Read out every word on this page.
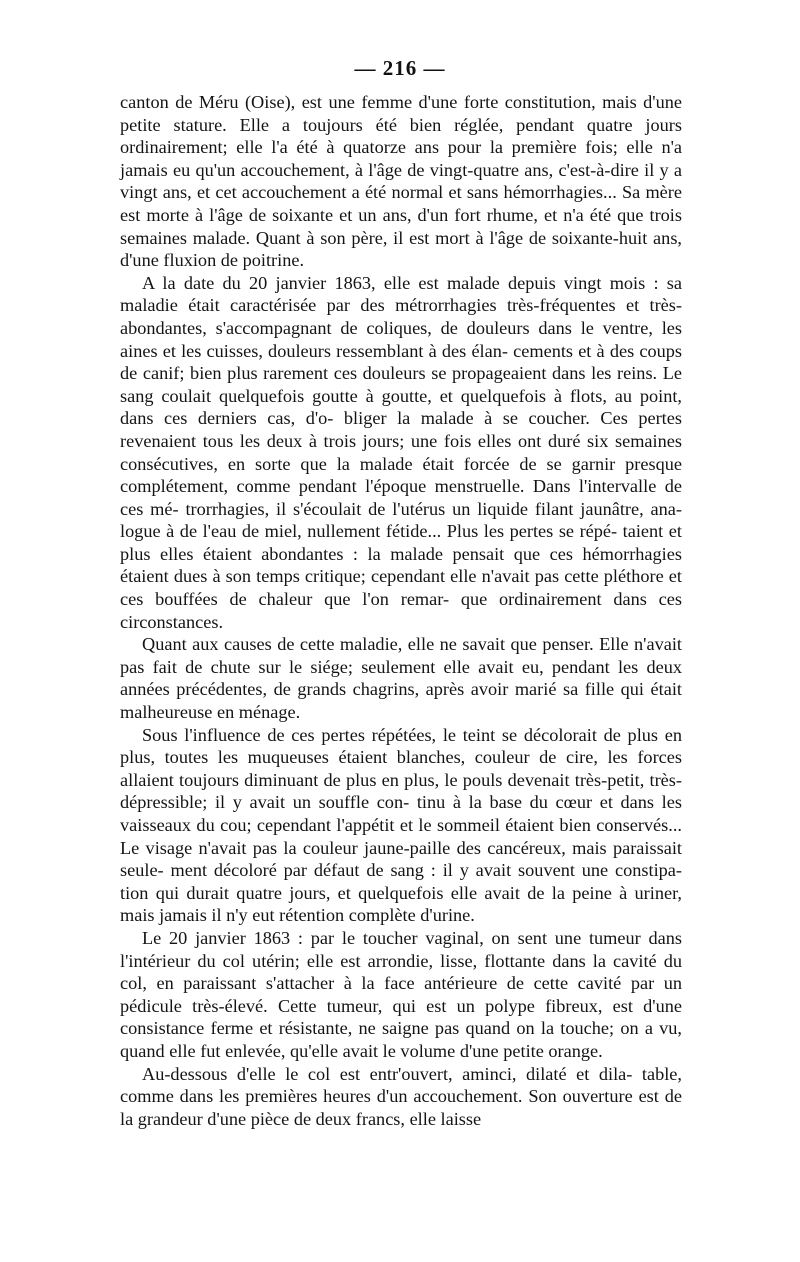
— 216 —

canton de Méru (Oise), est une femme d'une forte constitution, mais d'une petite stature. Elle a toujours été bien réglée, pendant quatre jours ordinairement; elle l'a été à quatorze ans pour la première fois; elle n'a jamais eu qu'un accouchement, à l'âge de vingt-quatre ans, c'est-à-dire il y a vingt ans, et cet accouchement a été normal et sans hémorrhagies... Sa mère est morte à l'âge de soixante et un ans, d'un fort rhume, et n'a été que trois semaines malade. Quant à son père, il est mort à l'âge de soixante-huit ans, d'une fluxion de poitrine.

A la date du 20 janvier 1863, elle est malade depuis vingt mois : sa maladie était caractérisée par des métrorrhagies très-fréquentes et très-abondantes, s'accompagnant de coliques, de douleurs dans le ventre, les aines et les cuisses, douleurs ressemblant à des élan- cements et à des coups de canif; bien plus rarement ces douleurs se propageaient dans les reins. Le sang coulait quelquefois goutte à goutte, et quelquefois à flots, au point, dans ces derniers cas, d'o- bliger la malade à se coucher. Ces pertes revenaient tous les deux à trois jours; une fois elles ont duré six semaines consécutives, en sorte que la malade était forcée de se garnir presque complétement, comme pendant l'époque menstruelle. Dans l'intervalle de ces mé- trorrhagies, il s'écoulait de l'utérus un liquide filant jaunâtre, ana- logue à de l'eau de miel, nullement fétide... Plus les pertes se répé- taient et plus elles étaient abondantes : la malade pensait que ces hémorrhagies étaient dues à son temps critique; cependant elle n'avait pas cette pléthore et ces bouffées de chaleur que l'on remar- que ordinairement dans ces circonstances.

Quant aux causes de cette maladie, elle ne savait que penser. Elle n'avait pas fait de chute sur le siége; seulement elle avait eu, pendant les deux années précédentes, de grands chagrins, après avoir marié sa fille qui était malheureuse en ménage.

Sous l'influence de ces pertes répétées, le teint se décolorait de plus en plus, toutes les muqueuses étaient blanches, couleur de cire, les forces allaient toujours diminuant de plus en plus, le pouls devenait très-petit, très-dépressible; il y avait un souffle con- tinu à la base du cœur et dans les vaisseaux du cou; cependant l'appétit et le sommeil étaient bien conservés... Le visage n'avait pas la couleur jaune-paille des cancéreux, mais paraissait seule- ment décoloré par défaut de sang : il y avait souvent une constipa- tion qui durait quatre jours, et quelquefois elle avait de la peine à uriner, mais jamais il n'y eut rétention complète d'urine.

Le 20 janvier 1863 : par le toucher vaginal, on sent une tumeur dans l'intérieur du col utérin; elle est arrondie, lisse, flottante dans la cavité du col, en paraissant s'attacher à la face antérieure de cette cavité par un pédicule très-élevé. Cette tumeur, qui est un polype fibreux, est d'une consistance ferme et résistante, ne saigne pas quand on la touche; on a vu, quand elle fut enlevée, qu'elle avait le volume d'une petite orange.

Au-dessous d'elle le col est entr'ouvert, aminci, dilaté et dila- table, comme dans les premières heures d'un accouchement. Son ouverture est de la grandeur d'une pièce de deux francs, elle laisse
